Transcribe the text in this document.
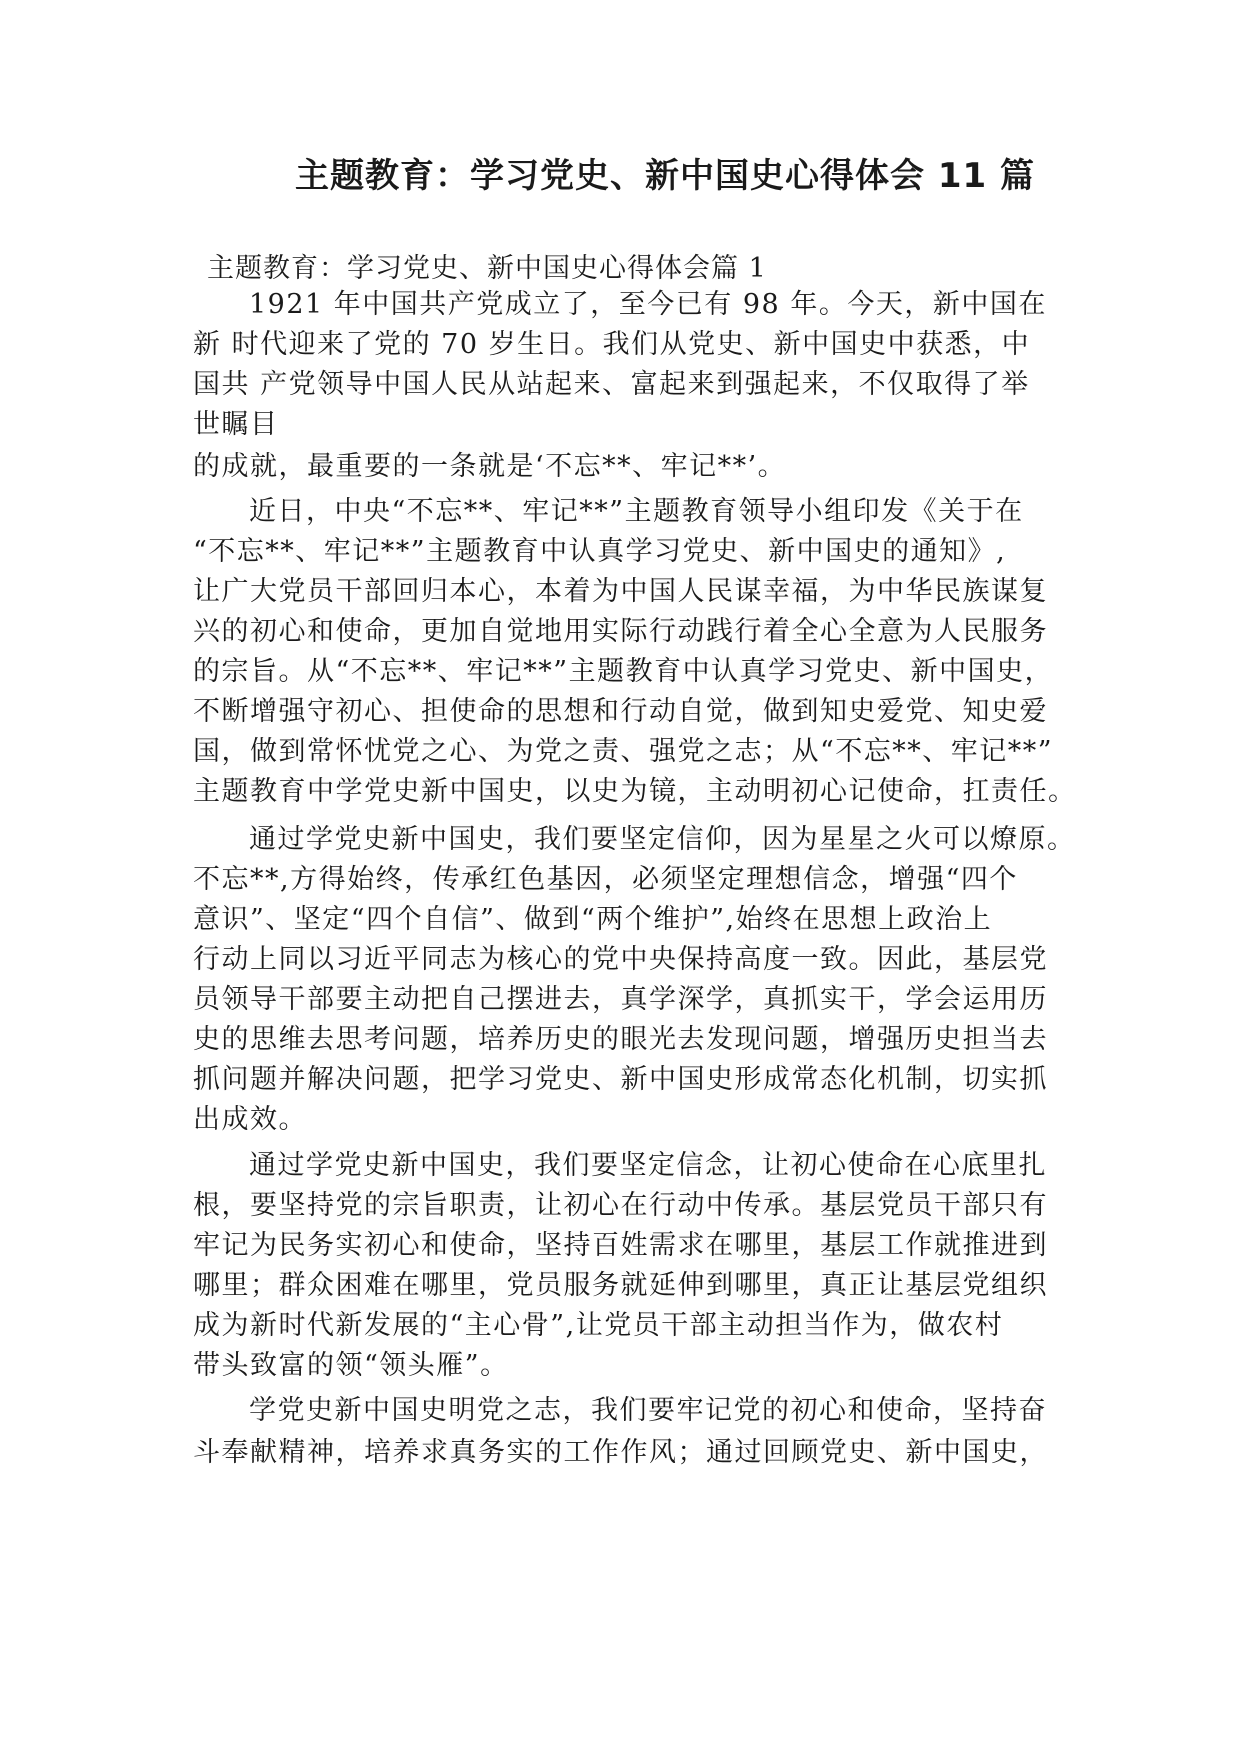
主题教育：学习党史、新中国史心得体会 11 篇
主题教育：学习党史、新中国史心得体会篇 1
1921 年中国共产党成立了，至今已有 98 年。今天，新中国在
新 时代迎来了党的 70 岁生日。我们从党史、新中国史中获悉，中
国共 产党领导中国人民从站起来、富起来到强起来，不仅取得了举
世瞩目
的成就，最重要的一条就是‘不忘**、牢记**’。
近日，中央“不忘**、牢记**”主题教育领导小组印发《关于在
“不忘**、牢记**”主题教育中认真学习党史、新中国史的通知》,
让广大党员干部回归本心，本着为中国人民谋幸福，为中华民族谋复
兴的初心和使命，更加自觉地用实际行动践行着全心全意为人民服务
的宗旨。从“不忘**、牢记**”主题教育中认真学习党史、新中国史，
不断增强守初心、担使命的思想和行动自觉，做到知史爱党、知史爱
国，做到常怀忧党之心、为党之责、强党之志；从“不忘**、牢记**”
主题教育中学党史新中国史，以史为镜，主动明初心记使命，扛责任。
通过学党史新中国史，我们要坚定信仰，因为星星之火可以燎原。
不忘**,方得始终，传承红色基因，必须坚定理想信念，增强“四个
意识”、坚定“四个自信”、做到“两个维护”,始终在思想上政治上
行动上同以习近平同志为核心的党中央保持高度一致。因此，基层党
员领导干部要主动把自己摆进去，真学深学，真抓实干，学会运用历
史的思维去思考问题，培养历史的眼光去发现问题，增强历史担当去
抓问题并解决问题，把学习党史、新中国史形成常态化机制，切实抓
出成效。
通过学党史新中国史，我们要坚定信念，让初心使命在心底里扎
根，要坚持党的宗旨职责，让初心在行动中传承。基层党员干部只有
牢记为民务实初心和使命，坚持百姓需求在哪里，基层工作就推进到
哪里；群众困难在哪里，党员服务就延伸到哪里，真正让基层党组织
成为新时代新发展的“主心骨”,让党员干部主动担当作为，做农村
带头致富的领“领头雁”。
学党史新中国史明党之志，我们要牢记党的初心和使命，坚持奋
斗奉献精神，培养求真务实的工作作风；通过回顾党史、新中国史，
